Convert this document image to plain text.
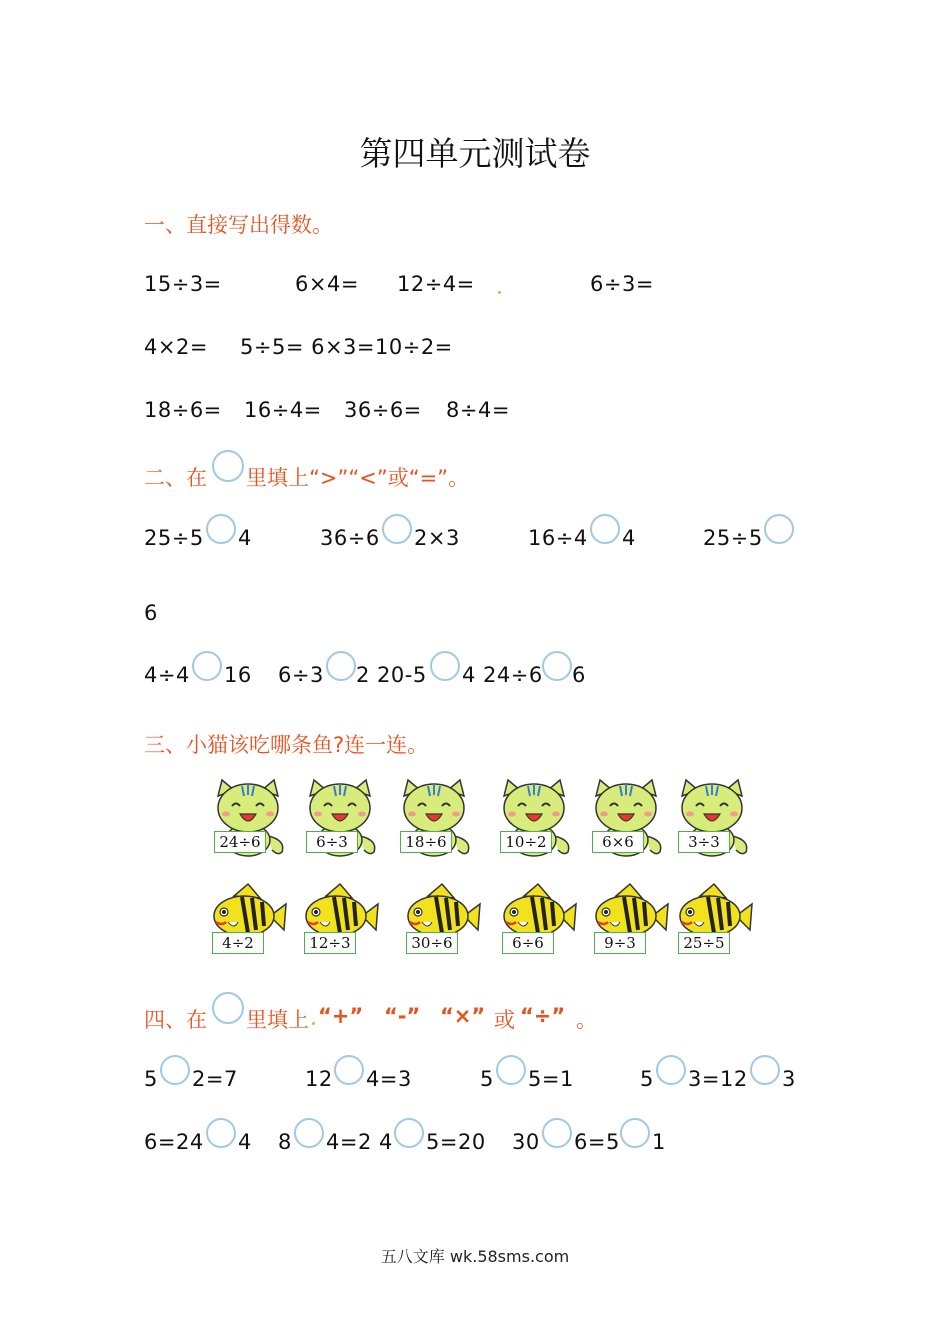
第四单元测试卷
一、直接写出得数。
15÷3=	6×4= 12÷4=	6÷3=
4×2= 5÷5= 6×3=10÷2=
18÷6= 16÷4= 36÷6= 8÷4=
二、在 里填上“>”“<”或“=”。
25÷5 4	36÷6 2×3	16÷4 4	25÷5
6
4÷4 16 6÷3 2 20-5 4 24÷6 6
三、小猫该吃哪条鱼?连一连。
24÷6	6÷3	18÷6	10÷2	6×6	3÷3
4÷2	12÷3	30÷6	6÷6	9÷3	25÷5
四、在 里填上 “+” “-” “×” 或 “÷” 。
5 2=7	12 4=3	5 5=1	5 3=12 3
6=24 4 8 4=2 4 5=20 30 6=5 1
五八文库 wk.58sms.com
